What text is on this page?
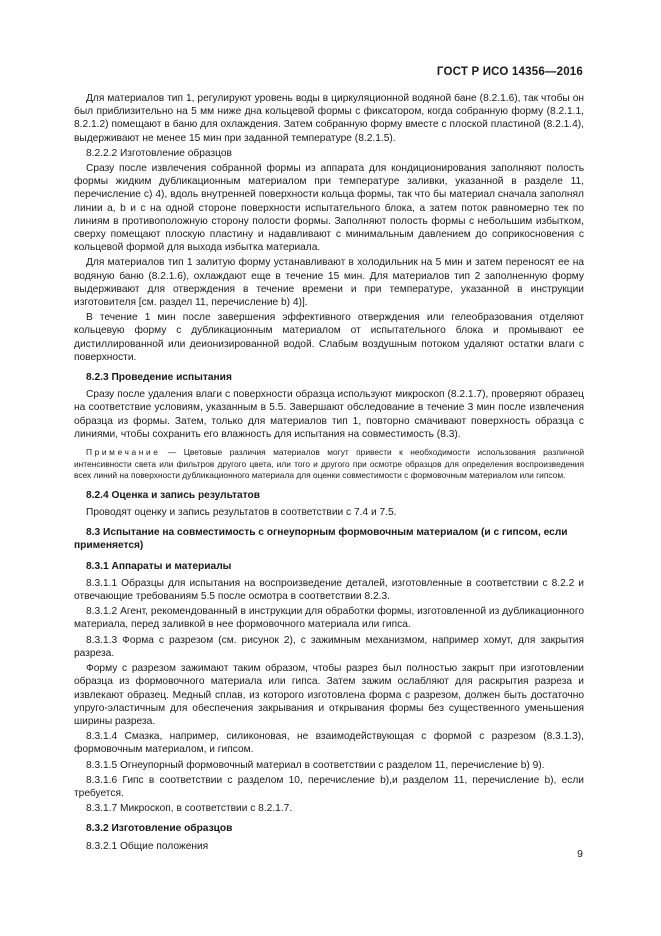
ГОСТ Р ИСО 14356—2016

Для материалов тип 1, регулируют уровень воды в циркуляционной водяной бане (8.2.1.6), так чтобы он был приблизительно на 5 мм ниже дна кольцевой формы с фиксатором, когда собранную форму (8.2.1.1, 8.2.1.2) помещают в баню для охлаждения. Затем собранную форму вместе с плоской пластиной (8.2.1.4), выдерживают не менее 15 мин при заданной температуре (8.2.1.5).

8.2.2.2 Изготовление образцов

Сразу после извлечения собранной формы из аппарата для кондиционирования заполняют полость формы жидким дубликационным материалом при температуре заливки, указанной в разделе 11, перечисление с) 4), вдоль внутренней поверхности кольца формы, так что бы материал сначала заполнял линии a, b и c на одной стороне поверхности испытательного блока, а затем поток равномерно тек по линиям в противоположную сторону полости формы. Заполняют полость формы с небольшим избытком, сверху помещают плоскую пластину и надавливают с минимальным давлением до соприкосновения с кольцевой формой для выхода избытка материала.

Для материалов тип 1 залитую форму устанавливают в холодильник на 5 мин и затем переносят ее на водяную баню (8.2.1.6), охлаждают еще в течение 15 мин. Для материалов тип 2 заполненную форму выдерживают для отверждения в течение времени и при температуре, указанной в инструкции изготовителя [см. раздел 11, перечисление b) 4)].

В течение 1 мин после завершения эффективного отверждения или гелеобразования отделяют кольцевую форму с дубликационным материалом от испытательного блока и промывают ее дистиллированной или деионизированной водой. Слабым воздушным потоком удаляют остатки влаги с поверхности.

8.2.3 Проведение испытания

Сразу после удаления влаги с поверхности образца используют микроскоп (8.2.1.7), проверяют образец на соответствие условиям, указанным в 5.5. Завершают обследование в течение 3 мин после извлечения образца из формы. Затем, только для материалов тип 1, повторно смачивают поверхность образца с линиями, чтобы сохранить его влажность для испытания на совместимость (8.3).

Примечание — Цветовые различия материалов могут привести к необходимости использования различной интенсивности света или фильтров другого цвета, или того и другого при осмотре образцов для определения воспроизведения всех линий на поверхности дубликационного материала для оценки совместимости с формовочным материалом или гипсом.

8.2.4 Оценка и запись результатов

Проводят оценку и запись результатов в соответствии с 7.4 и 7.5.

8.3 Испытание на совместимость с огнеупорным формовочным материалом (и с гипсом, если применяется)

8.3.1 Аппараты и материалы

8.3.1.1 Образцы для испытания на воспроизведение деталей, изготовленные в соответствии с 8.2.2 и отвечающие требованиям 5.5 после осмотра в соответствии 8.2.3.

8.3.1.2 Агент, рекомендованный в инструкции для обработки формы, изготовленной из дубликационного материала, перед заливкой в нее формовочного материала или гипса.

8.3.1.3 Форма с разрезом (см. рисунок 2), с зажимным механизмом, например хомут, для закрытия разреза.

Форму с разрезом зажимают таким образом, чтобы разрез был полностью закрыт при изготовлении образца из формовочного материала или гипса. Затем зажим ослабляют для раскрытия разреза и извлекают образец. Медный сплав, из которого изготовлена форма с разрезом, должен быть достаточно упруго-эластичным для обеспечения закрывания и открывания формы без существенного уменьшения ширины разреза.

8.3.1.4 Смазка, например, силиконовая, не взаимодействующая с формой с разрезом (8.3.1.3), формовочным материалом, и гипсом.

8.3.1.5 Огнеупорный формовочный материал в соответствии с разделом 11, перечисление b) 9).

8.3.1.6 Гипс в соответствии с разделом 10, перечисление b),и разделом 11, перечисление b), если требуется.

8.3.1.7 Микроскоп, в соответствии с 8.2.1.7.

8.3.2 Изготовление образцов

8.3.2.1 Общие положения

9
